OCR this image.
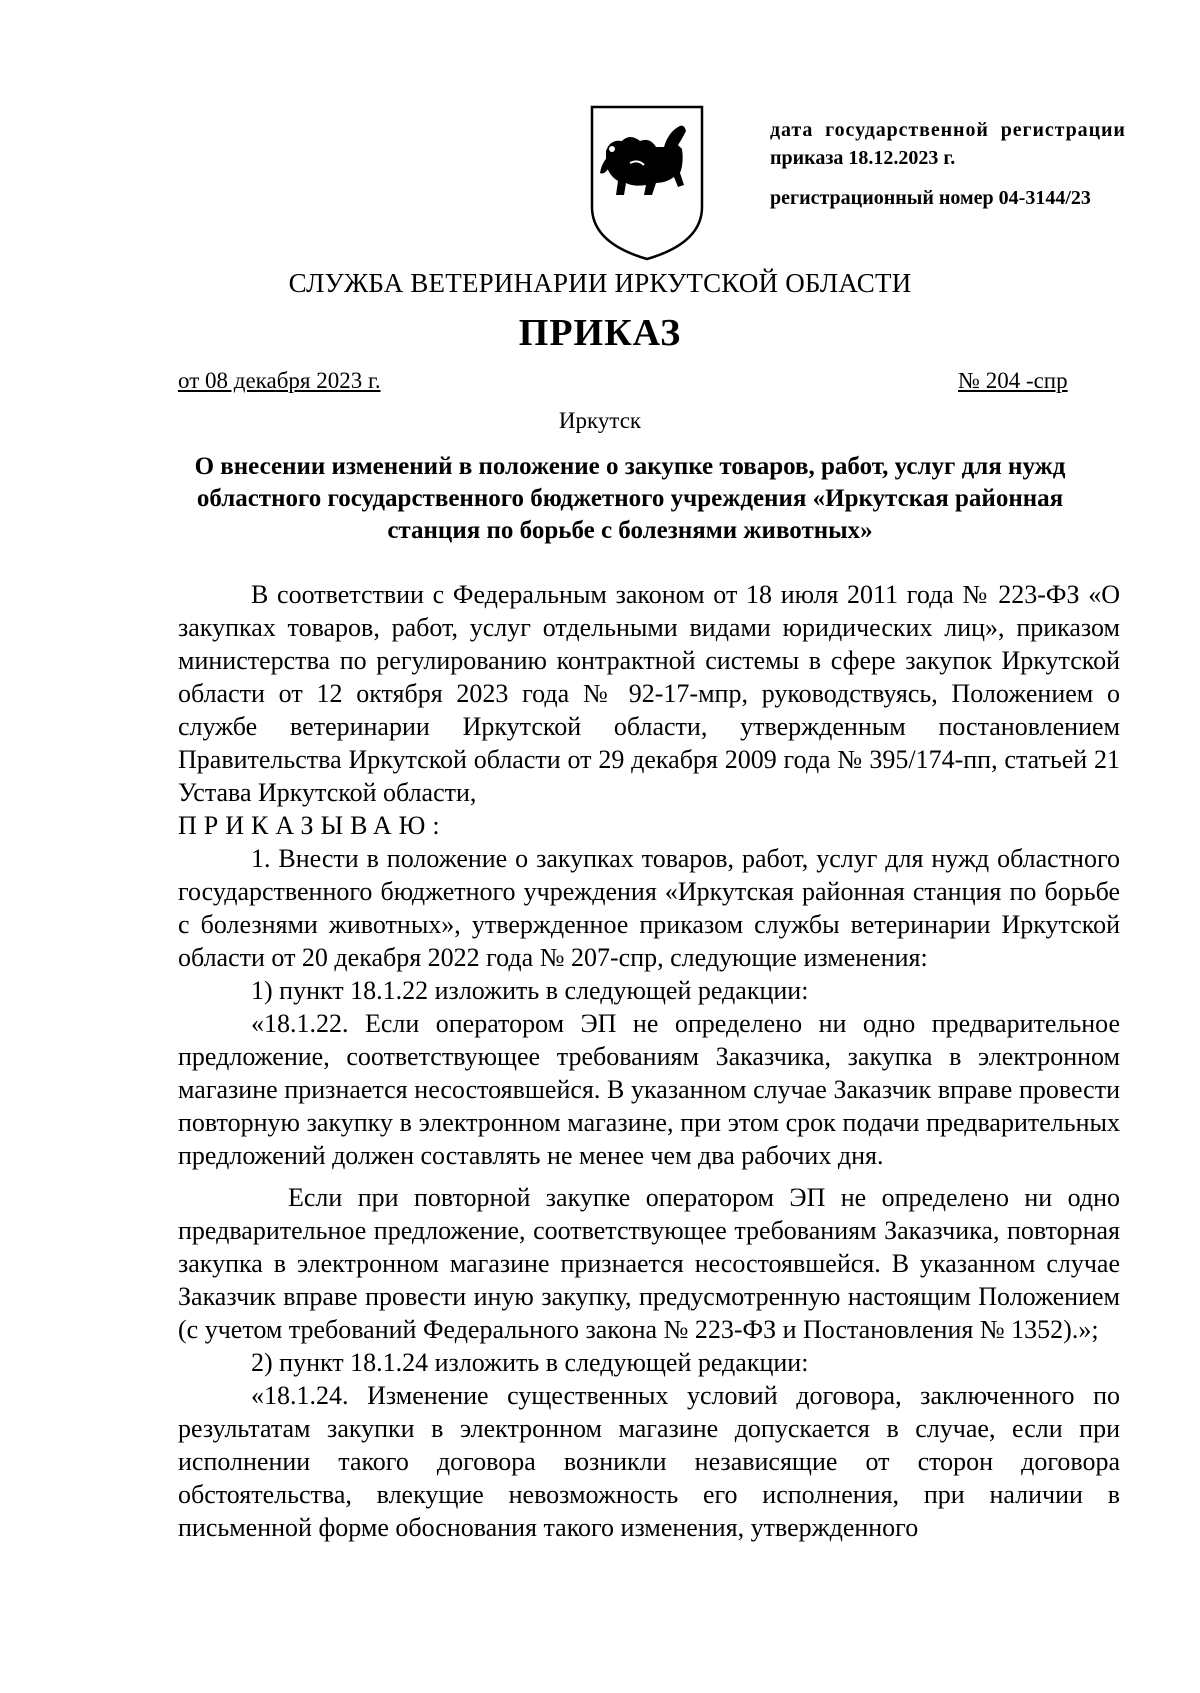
дата государственной регистрации
приказа 18.12.2023 г.
регистрационный номер 04-3144/23
СЛУЖБА ВЕТЕРИНАРИИ ИРКУТСКОЙ ОБЛАСТИ
ПРИКАЗ
от 08 декабря 2023 г.	№ 204 -спр
Иркутск
О внесении изменений в положение о закупке товаров, работ, услуг для нужд областного государственного бюджетного учреждения «Иркутская районная станция по борьбе с болезнями животных»

В соответствии с Федеральным законом от 18 июля 2011 года № 223-ФЗ «О закупках товаров, работ, услуг отдельными видами юридических лиц», приказом министерства по регулированию контрактной системы в сфере закупок Иркутской области от 12 октября 2023 года № 92-17-мпр, руководствуясь, Положением о службе ветеринарии Иркутской области, утвержденным постановлением Правительства Иркутской области от 29 декабря 2009 года № 395/174-пп, статьей 21 Устава Иркутской области,

ПРИКАЗЫВАЮ:

1. Внести в положение о закупках товаров, работ, услуг для нужд областного государственного бюджетного учреждения «Иркутская районная станция по борьбе с болезнями животных», утвержденное приказом службы ветеринарии Иркутской области от 20 декабря 2022 года № 207-спр, следующие изменения:

1) пункт 18.1.22 изложить в следующей редакции:

«18.1.22. Если оператором ЭП не определено ни одно предварительное предложение, соответствующее требованиям Заказчика, закупка в электронном магазине признается несостоявшейся. В указанном случае Заказчик вправе провести повторную закупку в электронном магазине, при этом срок подачи предварительных предложений должен составлять не менее чем два рабочих дня.

Если при повторной закупке оператором ЭП не определено ни одно предварительное предложение, соответствующее требованиям Заказчика, повторная закупка в электронном магазине признается несостоявшейся. В указанном случае Заказчик вправе провести иную закупку, предусмотренную настоящим Положением (с учетом требований Федерального закона № 223-ФЗ и Постановления № 1352).»;

2) пункт 18.1.24 изложить в следующей редакции:

«18.1.24. Изменение существенных условий договора, заключенного по результатам закупки в электронном магазине допускается в случае, если при исполнении такого договора возникли независящие от сторон договора обстоятельства, влекущие невозможность его исполнения, при наличии в письменной форме обоснования такого изменения, утвержденного
